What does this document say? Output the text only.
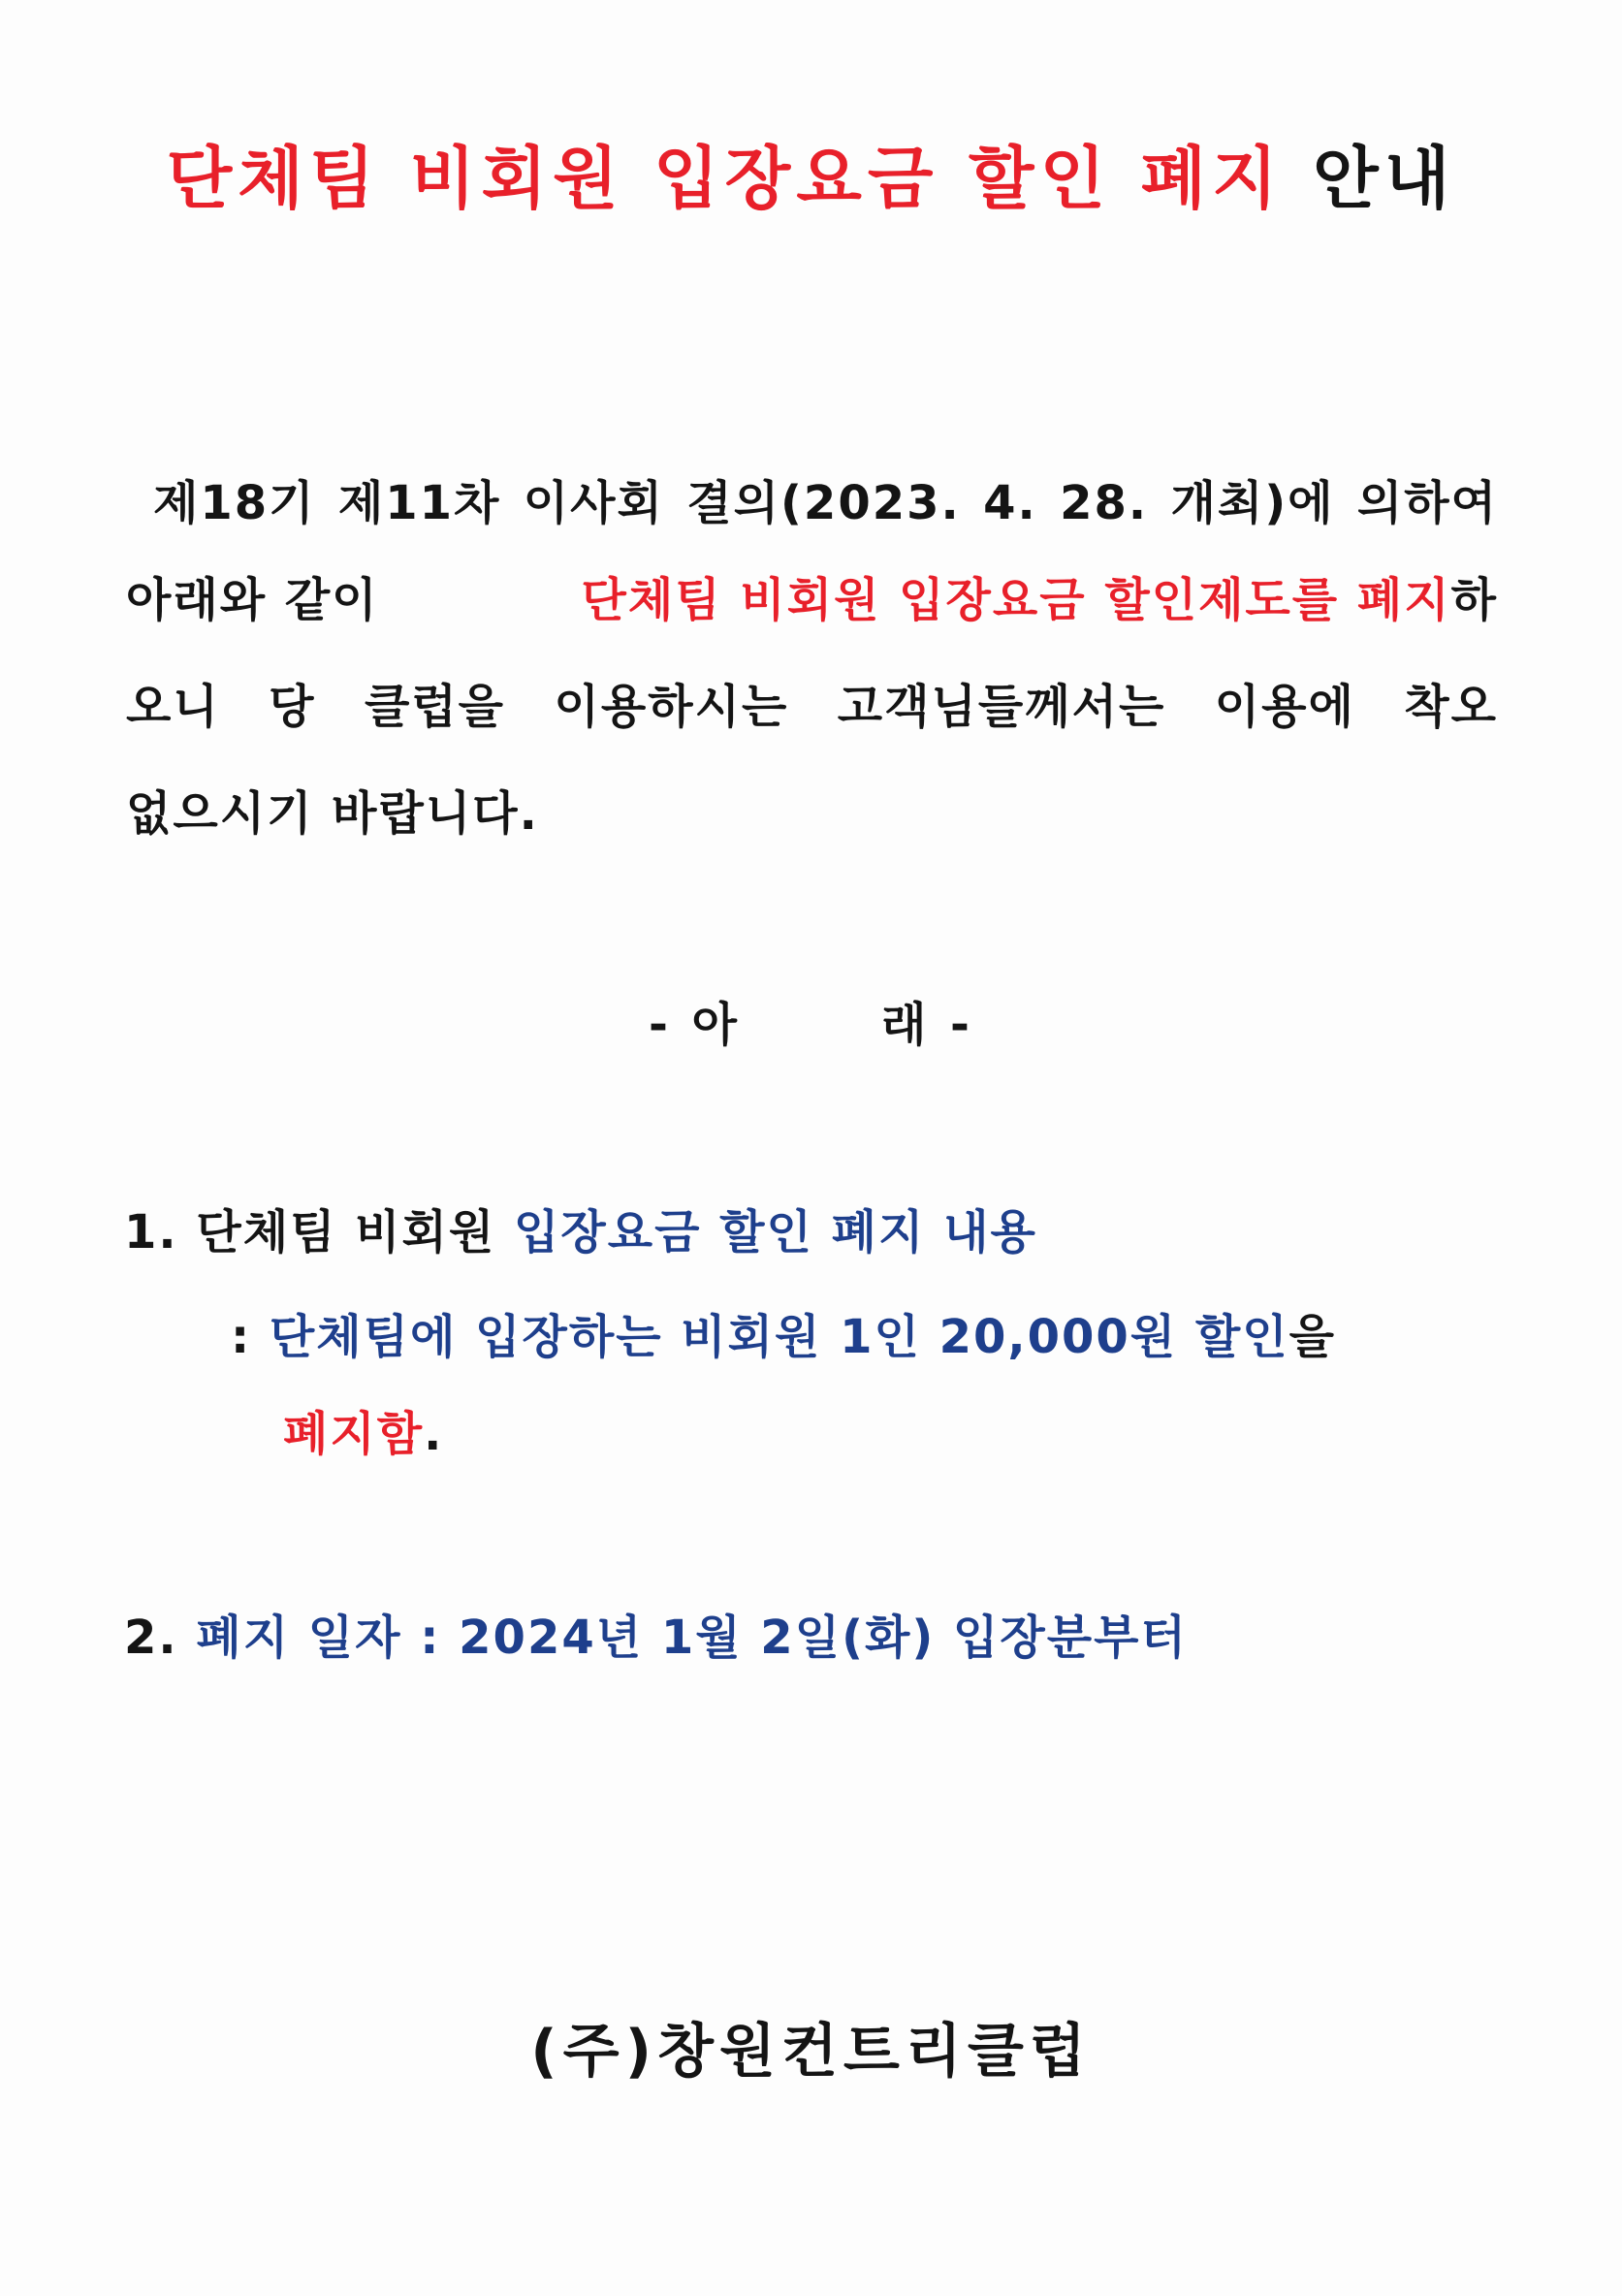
단체팀 비회원 입장요금 할인 폐지 안내
제18기 제11차 이사회 결의(2023. 4. 28. 개최)에 의하여
아래와 같이	단체팀 비회원 입장요금 할인제도를 폐지 하
오니 당 클럽을 이용하시는 고객님들께서는 이용에 착오
없으시기 바랍니다.
- 아       래 -
1. 단체팀 비회원 입장요금 할인 폐지 내용
: 단체팀에 입장하는 비회원 1인 20,000원 할인을
폐지함.
2. 폐지 일자 : 2024년 1월 2일(화) 입장분부터
(주)창원컨트리클럽
